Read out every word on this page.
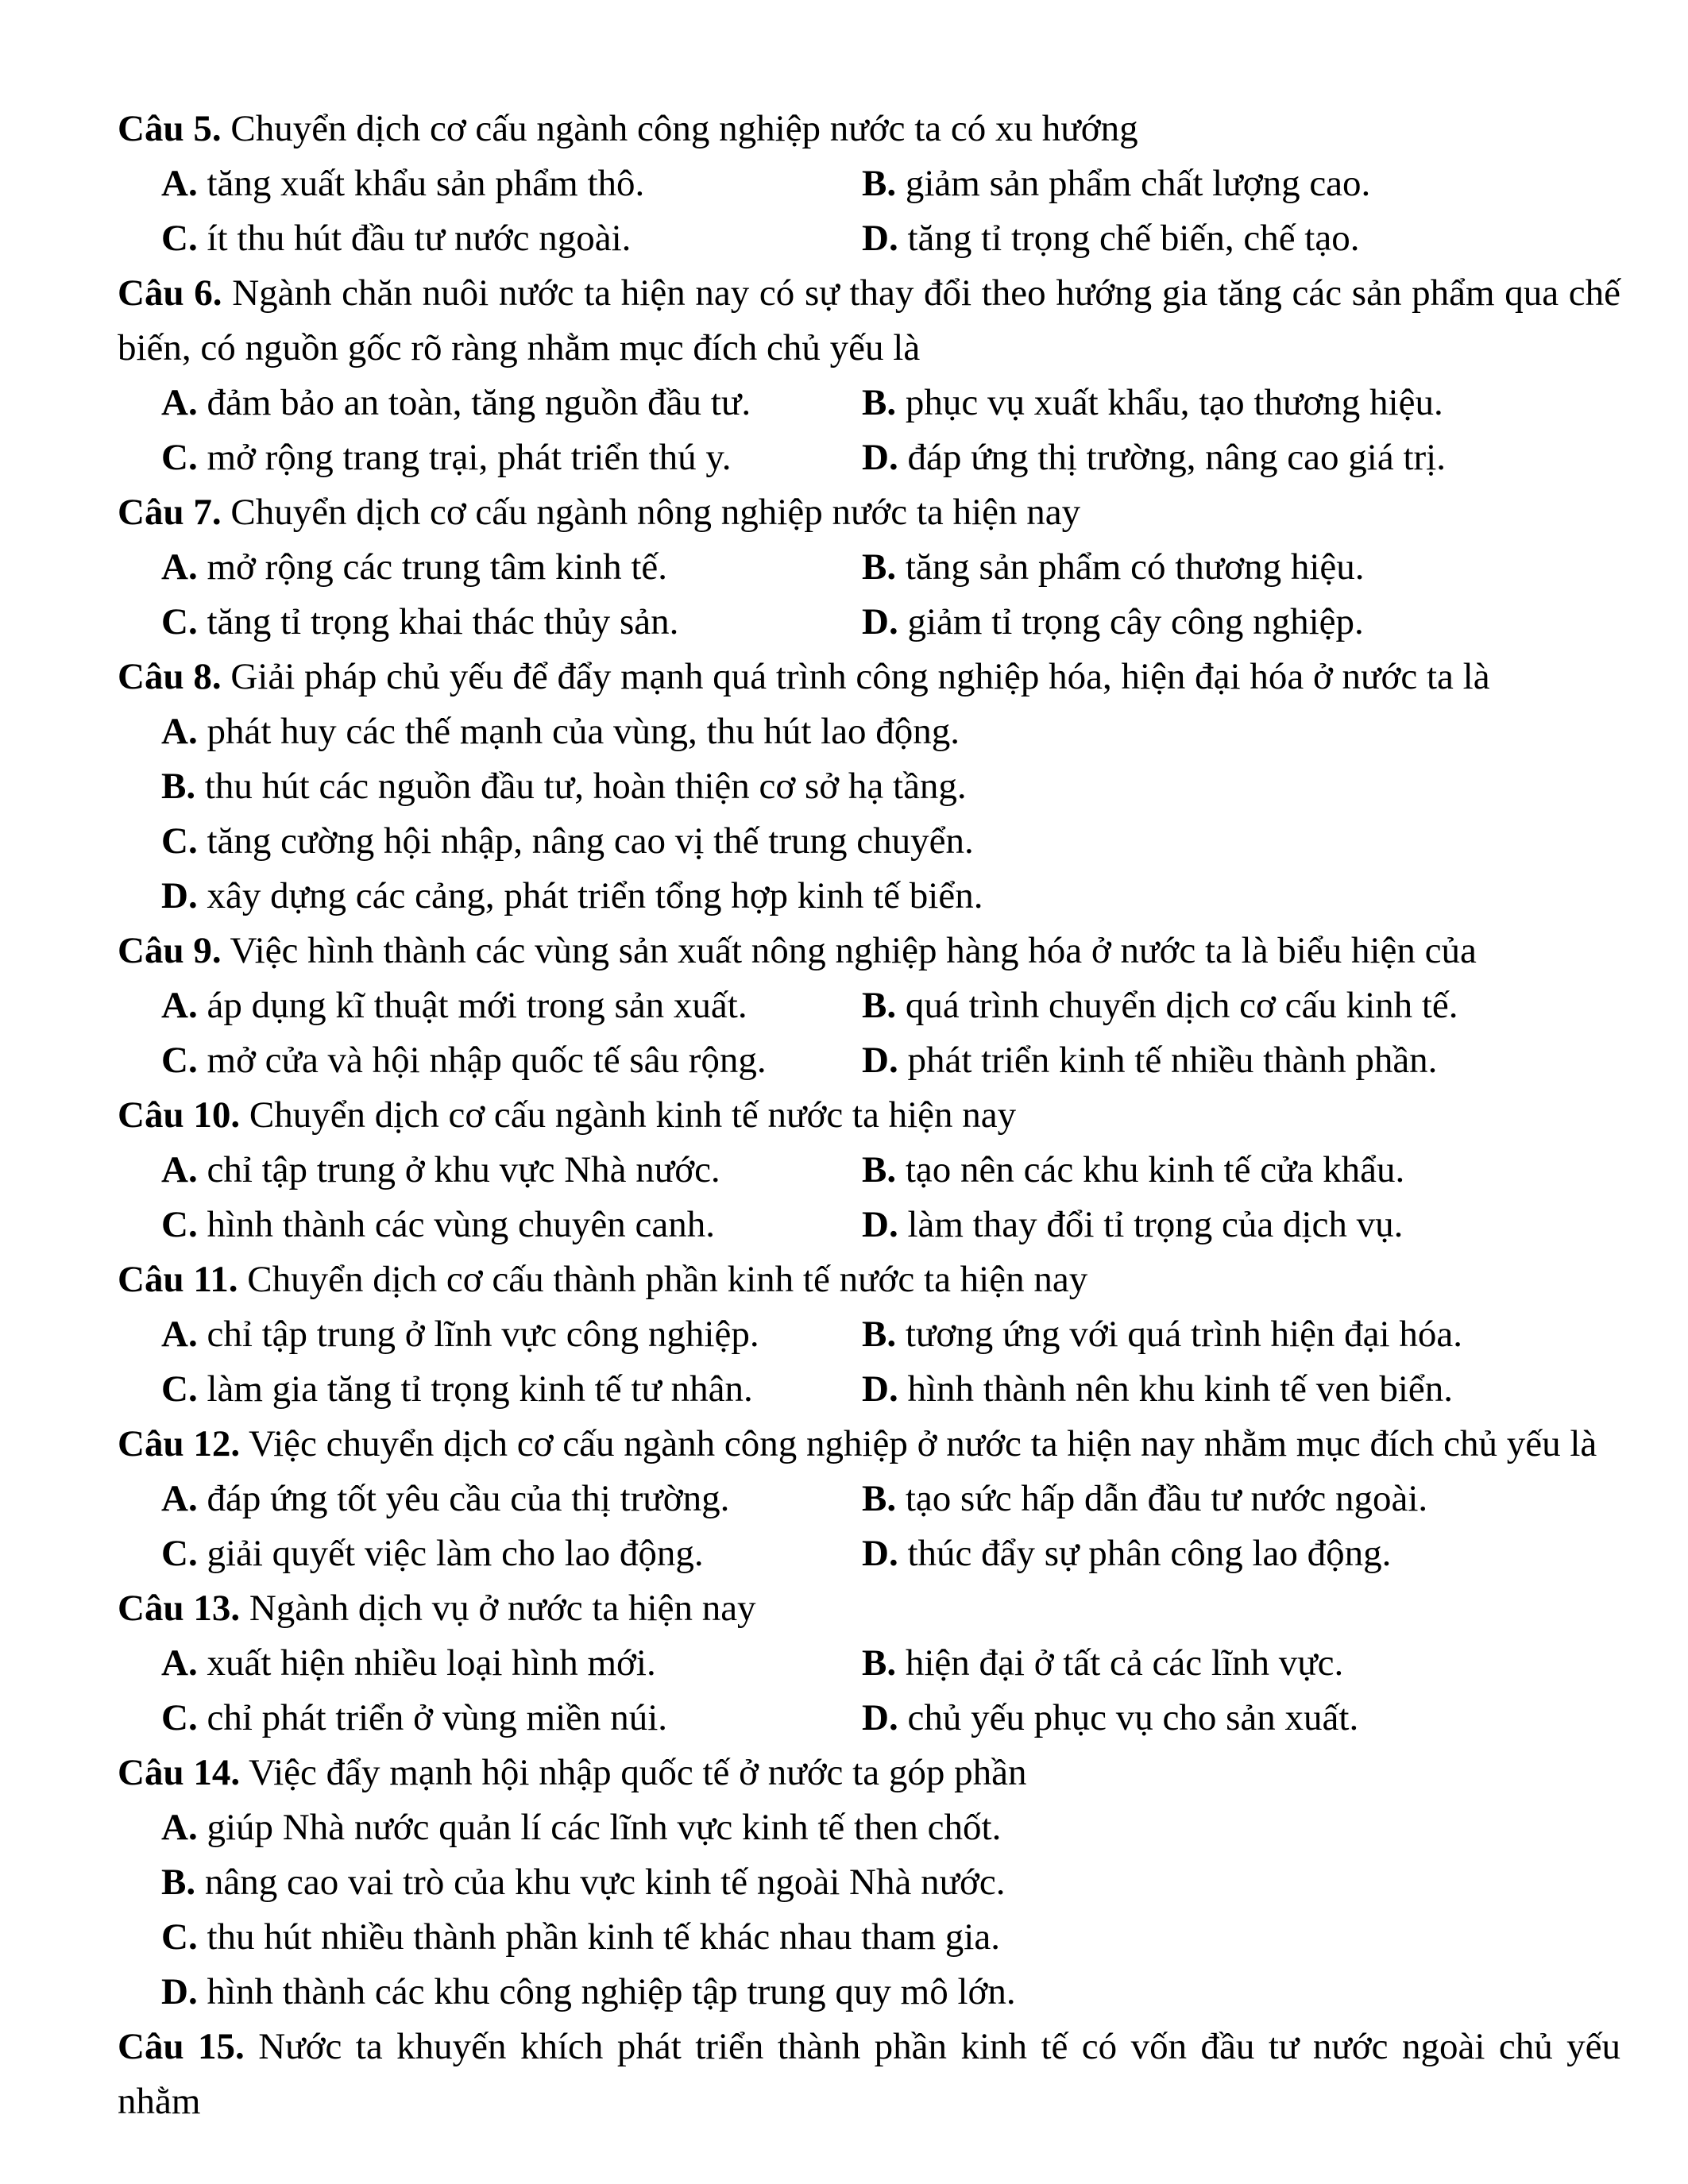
Câu 5. Chuyển dịch cơ cấu ngành công nghiệp nước ta có xu hướng

A. tăng xuất khẩu sản phẩm thô.	B. giảm sản phẩm chất lượng cao.
C. ít thu hút đầu tư nước ngoài.	D. tăng tỉ trọng chế biến, chế tạo.

Câu 6. Ngành chăn nuôi nước ta hiện nay có sự thay đổi theo hướng gia tăng các sản phẩm qua chế biến, có nguồn gốc rõ ràng nhằm mục đích chủ yếu là

A. đảm bảo an toàn, tăng nguồn đầu tư.	B. phục vụ xuất khẩu, tạo thương hiệu.
C. mở rộng trang trại, phát triển thú y.	D. đáp ứng thị trường, nâng cao giá trị.

Câu 7. Chuyển dịch cơ cấu ngành nông nghiệp nước ta hiện nay

A. mở rộng các trung tâm kinh tế.	B. tăng sản phẩm có thương hiệu.
C. tăng tỉ trọng khai thác thủy sản.	D. giảm tỉ trọng cây công nghiệp.

Câu 8. Giải pháp chủ yếu để đẩy mạnh quá trình công nghiệp hóa, hiện đại hóa ở nước ta là

A. phát huy các thế mạnh của vùng, thu hút lao động.
B. thu hút các nguồn đầu tư, hoàn thiện cơ sở hạ tầng.
C. tăng cường hội nhập, nâng cao vị thế trung chuyển.
D. xây dựng các cảng, phát triển tổng hợp kinh tế biển.

Câu 9. Việc hình thành các vùng sản xuất nông nghiệp hàng hóa ở nước ta là biểu hiện của

A. áp dụng kĩ thuật mới trong sản xuất.	B. quá trình chuyển dịch cơ cấu kinh tế.
C. mở cửa và hội nhập quốc tế sâu rộng.	D. phát triển kinh tế nhiều thành phần.

Câu 10. Chuyển dịch cơ cấu ngành kinh tế nước ta hiện nay

A. chỉ tập trung ở khu vực Nhà nước.	B. tạo nên các khu kinh tế cửa khẩu.
C. hình thành các vùng chuyên canh.	D. làm thay đổi tỉ trọng của dịch vụ.

Câu 11. Chuyển dịch cơ cấu thành phần kinh tế nước ta hiện nay

A. chỉ tập trung ở lĩnh vực công nghiệp.	B. tương ứng với quá trình hiện đại hóa.
C. làm gia tăng tỉ trọng kinh tế tư nhân.	D. hình thành nên khu kinh tế ven biển.

Câu 12. Việc chuyển dịch cơ cấu ngành công nghiệp ở nước ta hiện nay nhằm mục đích chủ yếu là

A. đáp ứng tốt yêu cầu của thị trường.	B. tạo sức hấp dẫn đầu tư nước ngoài.
C. giải quyết việc làm cho lao động.	D. thúc đẩy sự phân công lao động.

Câu 13. Ngành dịch vụ ở nước ta hiện nay

A. xuất hiện nhiều loại hình mới.	B. hiện đại ở tất cả các lĩnh vực.
C. chỉ phát triển ở vùng miền núi.	D. chủ yếu phục vụ cho sản xuất.

Câu 14. Việc đẩy mạnh hội nhập quốc tế ở nước ta góp phần

A. giúp Nhà nước quản lí các lĩnh vực kinh tế then chốt.
B. nâng cao vai trò của khu vực kinh tế ngoài Nhà nước.
C. thu hút nhiều thành phần kinh tế khác nhau tham gia.
D. hình thành các khu công nghiệp tập trung quy mô lớn.

Câu 15. Nước ta khuyến khích phát triển thành phần kinh tế có vốn đầu tư nước ngoài chủ yếu nhằm
